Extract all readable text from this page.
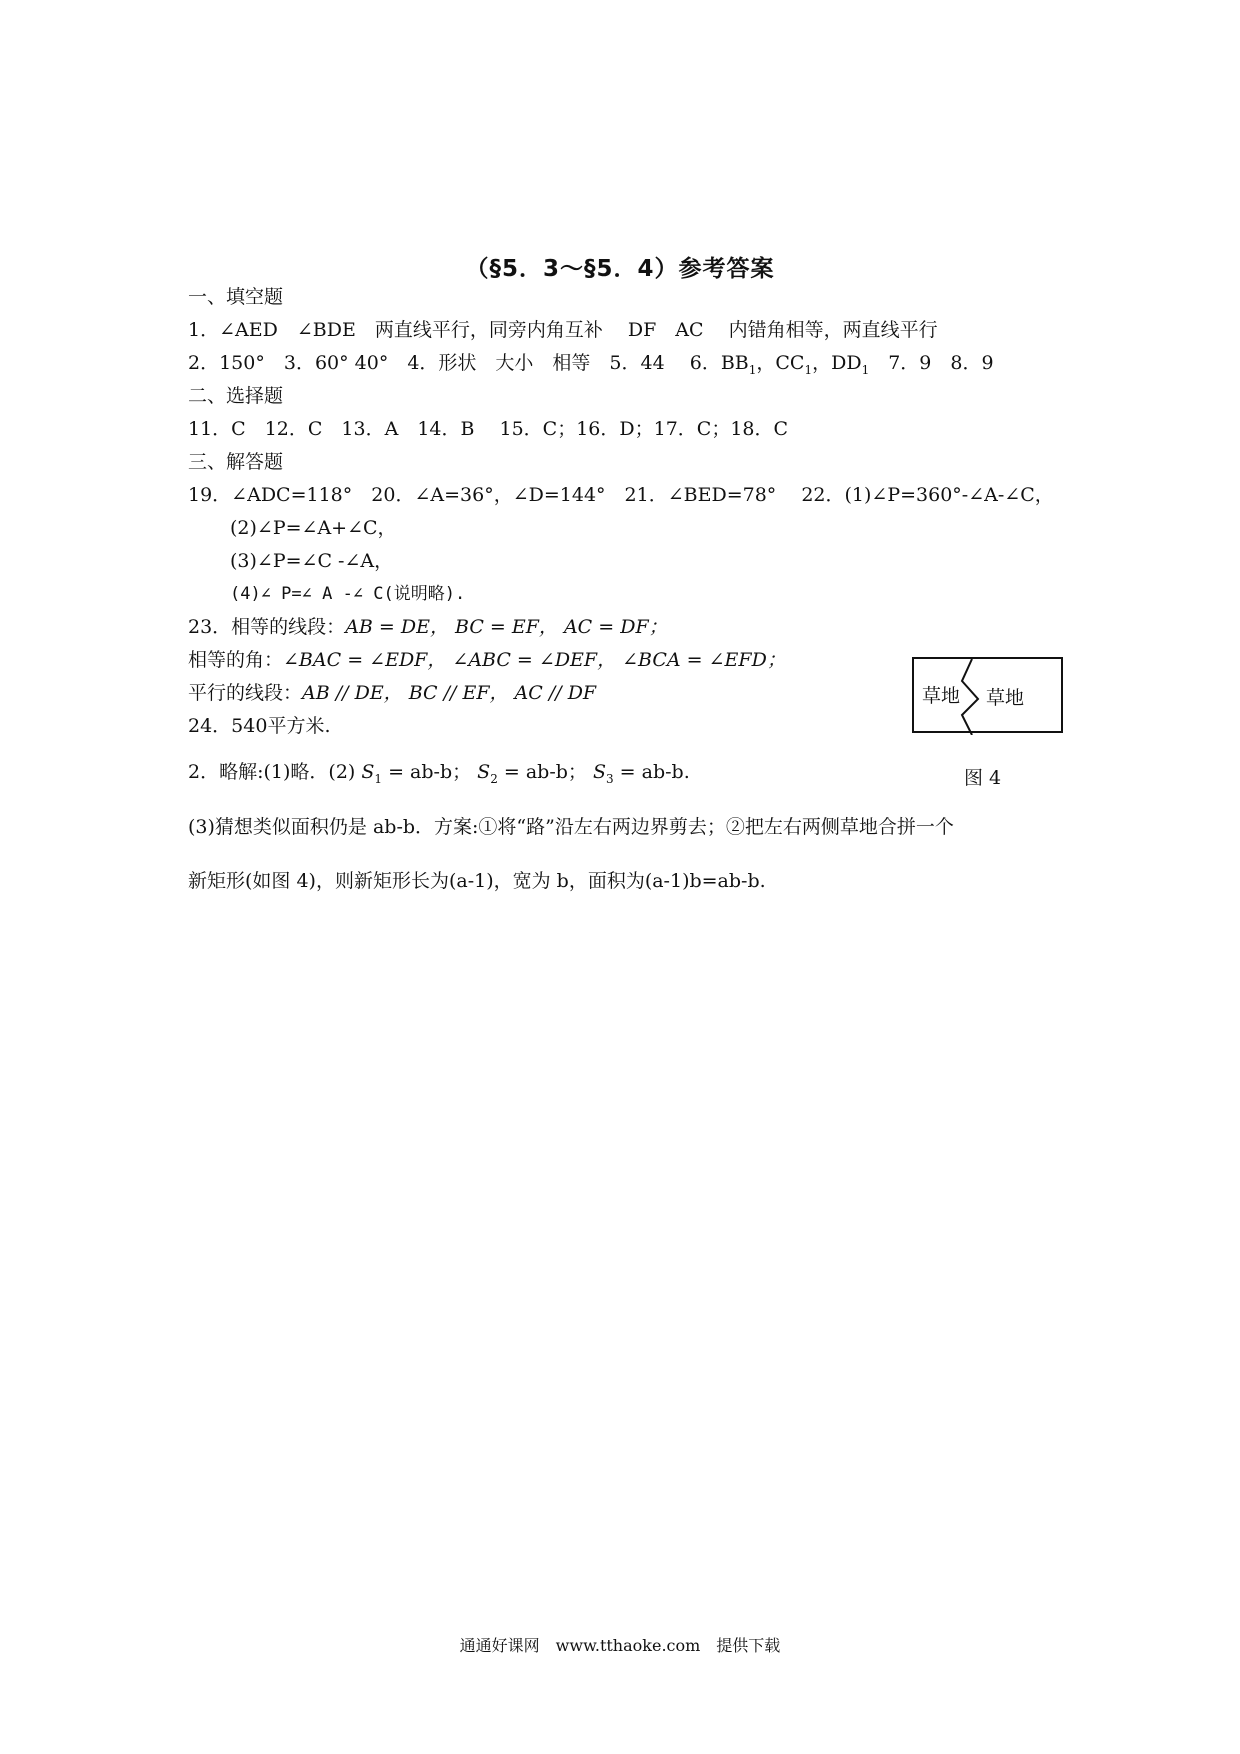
（§5．3～§5．4）参考答案
一、填空题
1．∠AED　∠BDE　两直线平行，同旁内角互补　 DF　AC　 内错角相等，两直线平行
2．150°　3．60° 40°　4．形状　大小　相等　5．44　 6．$BB_1$，$CC_1$，$DD_1$　7．9　8．9
二、选择题
11．C　12．C　13．A　14．B　 15．C；16．D；17．C；18．C
三、解答题
19．∠ADC=118°　20．∠A=36°，∠D=144°　21．∠BED=78°　 22．(1)∠P=360°-∠A-∠C，
(2)∠P=∠A+∠C，
(3)∠P=∠C -∠A，
(4)∠ P=∠ A -∠ C(说明略).
23．相等的线段：AB = DE， BC = EF， AC = DF；
相等的角：∠BAC = ∠EDF， ∠ABC = ∠DEF， ∠BCA = ∠EFD；
平行的线段：AB // DE， BC // EF， AC // DF
24．540平方米.
2．略解:(1)略．(2) $S_1 = ab-b$； $S_2 = ab-b$； $S_3 = ab-b$.
(3)猜想类似面积仍是 ab-b．方案:①将“路”沿左右两边界剪去；②把左右两侧草地合拼一个
新矩形(如图 4)，则新矩形长为(a-1)，宽为 b，面积为(a-1)b=ab-b.
草地 草地
图 4
通通好课网　www.tthaoke.com　提供下载
